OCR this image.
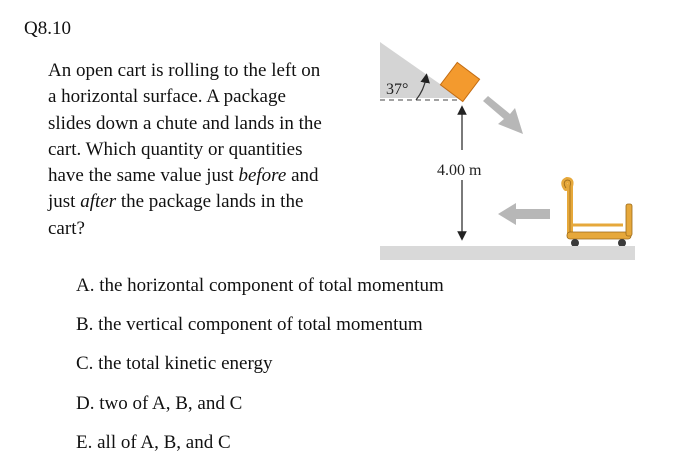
Q8.10
An open cart is rolling to the left on a horizontal surface. A package slides down a chute and lands in the cart. Which quantity or quantities have the same value just before and just after the package lands in the cart?
37°
4.00 m
A. the horizontal component of total momentum
B. the vertical component of total momentum
C. the total kinetic energy
D. two of A, B, and C
E. all of A, B, and C
